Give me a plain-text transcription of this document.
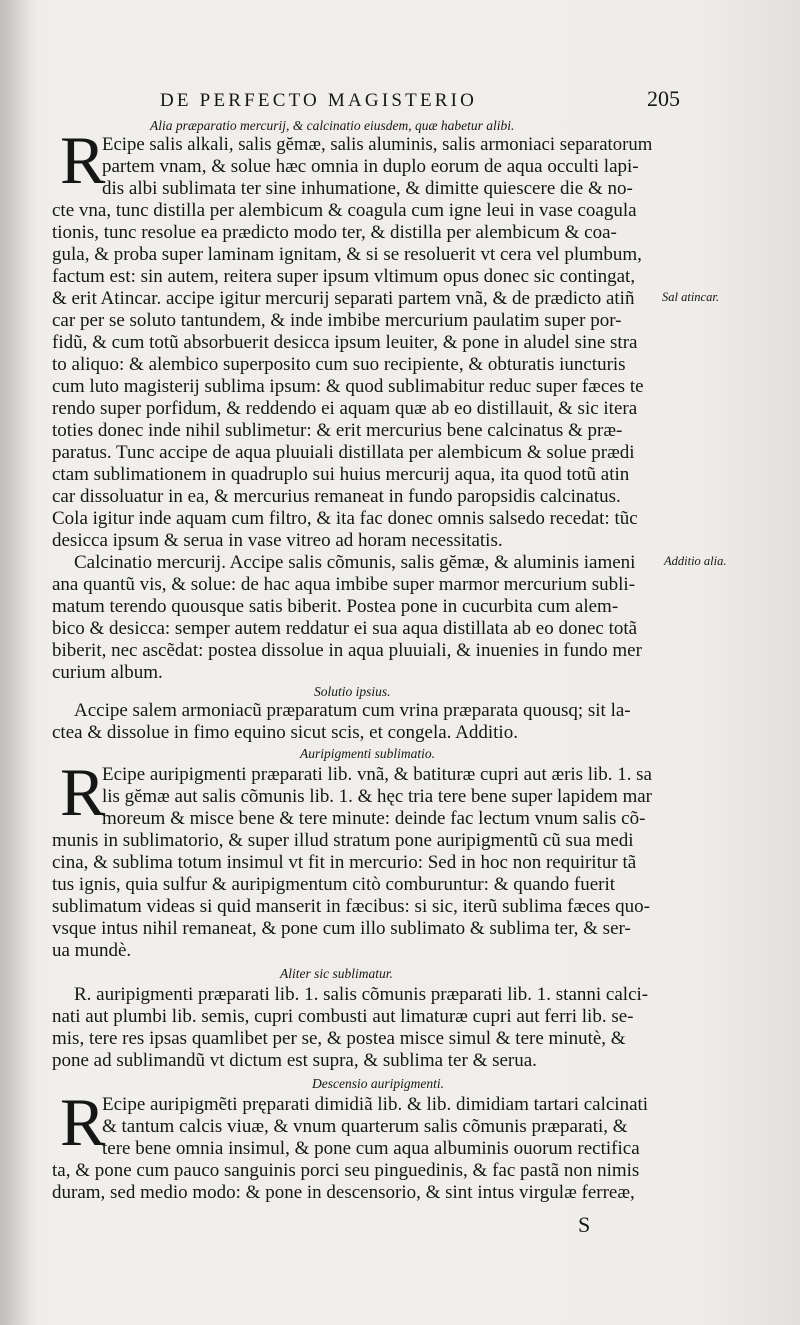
DE PERFECTO MAGISTERIO	205
Alia præparatio mercurij, & calcinatio eiusdem, quæ habetur alibi.
R
Ecipe salis alkali, salis gĕmæ, salis aluminis, salis armoniaci separatorum
partem vnam, & solue hæc omnia in duplo eorum de aqua occulti lapi-
dis albi sublimata ter sine inhumatione, & dimitte quiescere die & no-
cte vna, tunc distilla per alembicum & coagula cum igne leui in vase coagula
tionis, tunc resolue ea prædicto modo ter, & distilla per alembicum & coa-
gula, & proba super laminam ignitam, & si se resoluerit vt cera vel plumbum,
factum est: sin autem, reitera super ipsum vltimum opus donec sic contingat,
& erit Atincar. accipe igitur mercurij separati partem vnã, & de prædicto atiñ
car per se soluto tantundem, & inde imbibe mercurium paulatim super por-
fidũ, & cum totũ absorbuerit desicca ipsum leuiter, & pone in aludel sine stra
to aliquo: & alembico superposito cum suo recipiente, & obturatis iuncturis
cum luto magisterij sublima ipsum: & quod sublimabitur reduc super fæces te
rendo super porfidum, & reddendo ei aquam quæ ab eo distillauit, & sic itera
toties donec inde nihil sublimetur: & erit mercurius bene calcinatus & præ-
paratus. Tunc accipe de aqua pluuiali distillata per alembicum & solue prædi
ctam sublimationem in quadruplo sui huius mercurij aqua, ita quod totũ atin
car dissoluatur in ea, & mercurius remaneat in fundo paropsidis calcinatus.
Cola igitur inde aquam cum filtro, & ita fac donec omnis salsedo recedat: tũc
desicca ipsum & serua in vase vitreo ad horam necessitatis.
Calcinatio mercurij. Accipe salis cõmunis, salis gĕmæ, & aluminis iameni
ana quantũ vis, & solue: de hac aqua imbibe super marmor mercurium subli-
matum terendo quousque satis biberit. Postea pone in cucurbita cum alem-
bico & desicca: semper autem reddatur ei sua aqua distillata ab eo donec totã
biberit, nec ascẽdat: postea dissolue in aqua pluuiali, & inuenies in fundo mer
curium album.
Sal atincar.
Additio alia.
Solutio ipsius.
Accipe salem armoniacũ præparatum cum vrina præparata quousq; sit la-
ctea & dissolue in fimo equino sicut scis, et congela. Additio.
Auripigmenti sublimatio.
R
Ecipe auripigmenti præparati lib. vnã, & batituræ cupri aut æris lib. 1. sa
lis gĕmæ aut salis cõmunis lib. 1. & hęc tria tere bene super lapidem mar
moreum & misce bene & tere minute: deinde fac lectum vnum salis cõ-
munis in sublimatorio, & super illud stratum pone auripigmentũ cũ sua medi
cina, & sublima totum insimul vt fit in mercurio: Sed in hoc non requiritur tã
tus ignis, quia sulfur & auripigmentum citò comburuntur: & quando fuerit
sublimatum videas si quid manserit in fæcibus: si sic, iterũ sublima fæces quo-
vsque intus nihil remaneat, & pone cum illo sublimato & sublima ter, & ser-
ua mundè.
Aliter sic sublimatur.
R. auripigmenti præparati lib. 1. salis cõmunis præparati lib. 1. stanni calci-
nati aut plumbi lib. semis, cupri combusti aut limaturæ cupri aut ferri lib. se-
mis, tere res ipsas quamlibet per se, & postea misce simul & tere minutè, &
pone ad sublimandũ vt dictum est supra, & sublima ter & serua.
Descensio auripigmenti.
R
Ecipe auripigmẽti pręparati dimidiã lib. & lib. dimidiam tartari calcinati
& tantum calcis viuæ, & vnum quarterum salis cõmunis præparati, &
tere bene omnia insimul, & pone cum aqua albuminis ouorum rectifica
ta, & pone cum pauco sanguinis porci seu pinguedinis, & fac pastã non nimis
duram, sed medio modo: & pone in descensorio, & sint intus virgulæ ferreæ,
S
